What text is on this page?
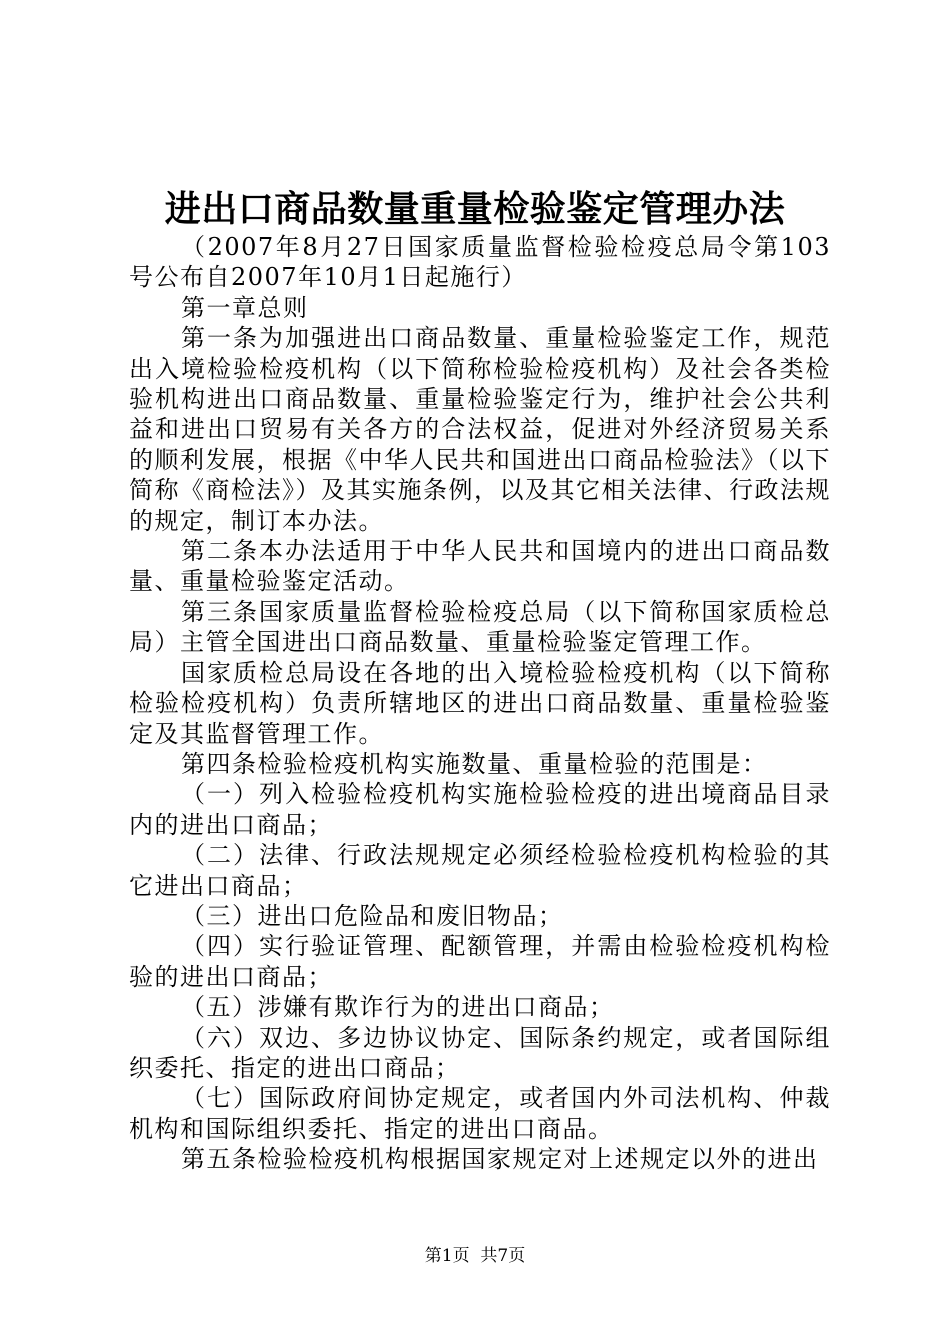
进出口商品数量重量检验鉴定管理办法

（2007年8月27日国家质量监督检验检疫总局令第103号公布自2007年10月1日起施行）

第一章总则

第一条为加强进出口商品数量、重量检验鉴定工作，规范出入境检验检疫机构（以下简称检验检疫机构）及社会各类检验机构进出口商品数量、重量检验鉴定行为，维护社会公共利益和进出口贸易有关各方的合法权益，促进对外经济贸易关系的顺利发展，根据《中华人民共和国进出口商品检验法》（以下简称《商检法》）及其实施条例，以及其它相关法律、行政法规的规定，制订本办法。

第二条本办法适用于中华人民共和国境内的进出口商品数量、重量检验鉴定活动。

第三条国家质量监督检验检疫总局（以下简称国家质检总局）主管全国进出口商品数量、重量检验鉴定管理工作。

国家质检总局设在各地的出入境检验检疫机构（以下简称检验检疫机构）负责所辖地区的进出口商品数量、重量检验鉴定及其监督管理工作。

第四条检验检疫机构实施数量、重量检验的范围是：

（一）列入检验检疫机构实施检验检疫的进出境商品目录内的进出口商品；

（二）法律、行政法规规定必须经检验检疫机构检验的其它进出口商品；

（三）进出口危险品和废旧物品；

（四）实行验证管理、配额管理，并需由检验检疫机构检验的进出口商品；

（五）涉嫌有欺诈行为的进出口商品；

（六）双边、多边协议协定、国际条约规定，或者国际组织委托、指定的进出口商品；

（七）国际政府间协定规定，或者国内外司法机构、仲裁机构和国际组织委托、指定的进出口商品。

第五条检验检疫机构根据国家规定对上述规定以外的进出

第1页 共7页
